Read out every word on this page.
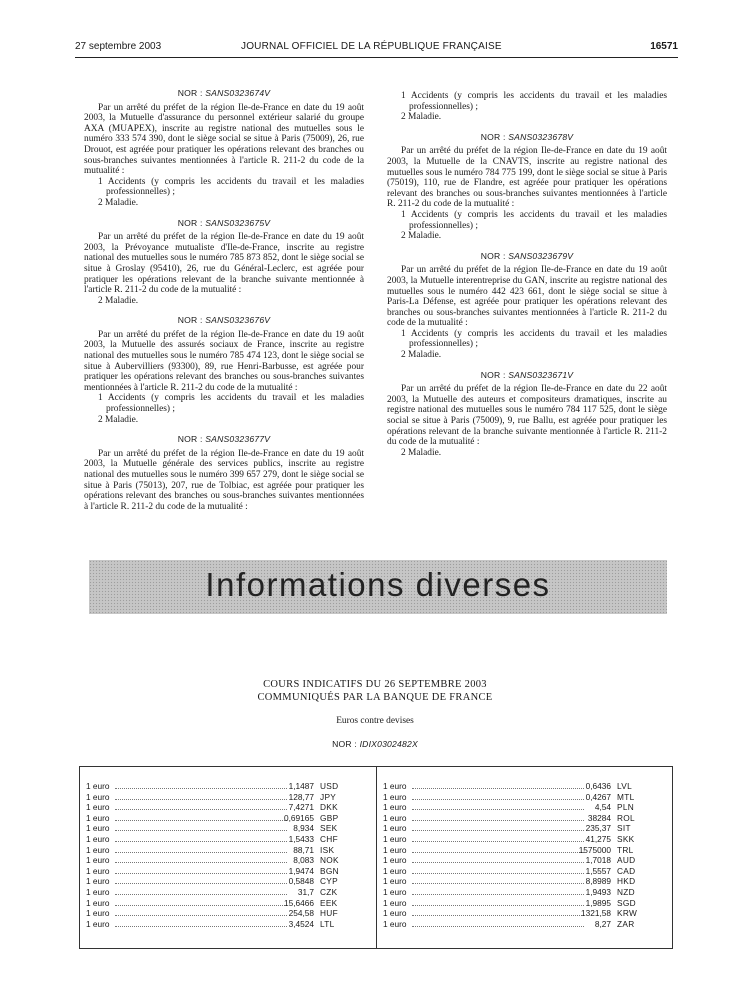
27 septembre 2003	JOURNAL OFFICIEL DE LA RÉPUBLIQUE FRANÇAISE	16571

NOR : SANS0323674V

Par un arrêté du préfet de la région Ile-de-France en date du 19 août 2003, la Mutuelle d'assurance du personnel extérieur salarié du groupe AXA (MUAPEX), inscrite au registre national des mutuelles sous le numéro 333 574 390, dont le siège social se situe à Paris (75009), 26, rue Drouot, est agréée pour pratiquer les opérations relevant des branches ou sous-branches suivantes mentionnées à l'article R. 211-2 du code de la mutualité :

1 Accidents (y compris les accidents du travail et les maladies professionnelles) ;

2 Maladie.

NOR : SANS0323675V

Par un arrêté du préfet de la région Ile-de-France en date du 19 août 2003, la Prévoyance mutualiste d'Ile-de-France, inscrite au registre national des mutuelles sous le numéro 785 873 852, dont le siège social se situe à Groslay (95410), 26, rue du Général-Leclerc, est agréée pour pratiquer les opérations relevant de la branche suivante mentionnée à l'article R. 211-2 du code de la mutualité :

2 Maladie.

NOR : SANS0323676V

Par un arrêté du préfet de la région Ile-de-France en date du 19 août 2003, la Mutuelle des assurés sociaux de France, inscrite au registre national des mutuelles sous le numéro 785 474 123, dont le siège social se situe à Aubervilliers (93300), 89, rue Henri-Barbusse, est agréée pour pratiquer les opérations relevant des branches ou sous-branches suivantes mentionnées à l'article R. 211-2 du code de la mutualité :

1 Accidents (y compris les accidents du travail et les maladies professionnelles) ;

2 Maladie.

NOR : SANS0323677V

Par un arrêté du préfet de la région Ile-de-France en date du 19 août 2003, la Mutuelle générale des services publics, inscrite au registre national des mutuelles sous le numéro 399 657 279, dont le siège social se situe à Paris (75013), 207, rue de Tolbiac, est agréée pour pratiquer les opérations relevant des branches ou sous-branches suivantes mentionnées à l'article R. 211-2 du code de la mutualité :

1 Accidents (y compris les accidents du travail et les maladies professionnelles) ;

2 Maladie.

NOR : SANS0323678V

Par un arrêté du préfet de la région Ile-de-France en date du 19 août 2003, la Mutuelle de la CNAVTS, inscrite au registre national des mutuelles sous le numéro 784 775 199, dont le siège social se situe à Paris (75019), 110, rue de Flandre, est agréée pour pratiquer les opérations relevant des branches ou sous-branches suivantes mentionnées à l'article R. 211-2 du code de la mutualité :

1 Accidents (y compris les accidents du travail et les maladies professionnelles) ;

2 Maladie.

NOR : SANS0323679V

Par un arrêté du préfet de la région Ile-de-France en date du 19 août 2003, la Mutuelle interentreprise du GAN, inscrite au registre national des mutuelles sous le numéro 442 423 661, dont le siège social se situe à Paris-La Défense, est agréée pour pratiquer les opérations relevant des branches ou sous-branches suivantes mentionnées à l'article R. 211-2 du code de la mutualité :

1 Accidents (y compris les accidents du travail et les maladies professionnelles) ;

2 Maladie.

NOR : SANS0323671V

Par un arrêté du préfet de la région Ile-de-France en date du 22 août 2003, la Mutuelle des auteurs et compositeurs dramatiques, inscrite au registre national des mutuelles sous le numéro 784 117 525, dont le siège social se situe à Paris (75009), 9, rue Ballu, est agréée pour pratiquer les opérations relevant de la branche suivante mentionnée à l'article R. 211-2 du code de la mutualité :

2 Maladie.

Informations diverses
COURS INDICATIFS DU 26 SEPTEMBRE 2003
COMMUNIQUÉS PAR LA BANQUE DE FRANCE
Euros contre devises
NOR : IDIX0302482X
1 euro	1,1487 USD
1 euro	128,77 JPY
1 euro	7,4271 DKK
1 euro	0,69165 GBP
1 euro	8,934 SEK
1 euro	1,5433 CHF
1 euro	88,71 ISK
1 euro	8,083 NOK
1 euro	1,9474 BGN
1 euro	0,5848 CYP
1 euro	31,7 CZK
1 euro	15,6466 EEK
1 euro	254,58 HUF
1 euro	3,4524 LTL
1 euro	0,6436 LVL
1 euro	0,4267 MTL
1 euro	4,54 PLN
1 euro	38284 ROL
1 euro	235,37 SIT
1 euro	41,275 SKK
1 euro	1575000 TRL
1 euro	1,7018 AUD
1 euro	1,5557 CAD
1 euro	8,8989 HKD
1 euro	1,9493 NZD
1 euro	1,9895 SGD
1 euro	1321,58 KRW
1 euro	8,27 ZAR
